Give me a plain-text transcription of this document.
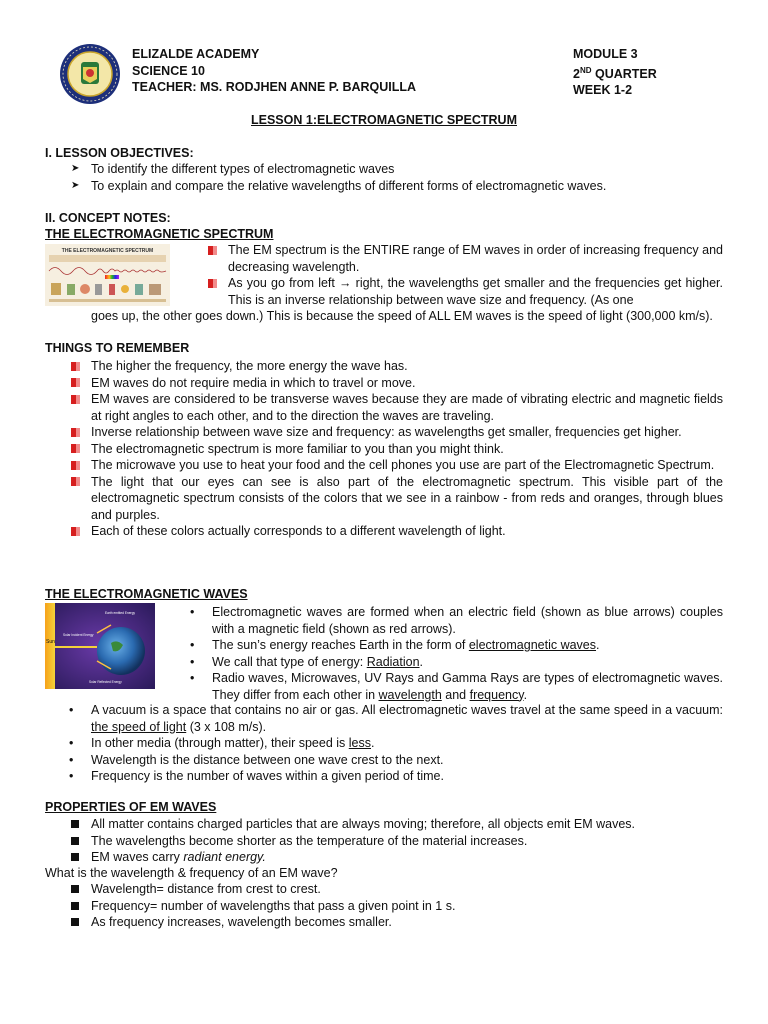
ELIZALDE ACADEMY
SCIENCE 10
TEACHER: MS. RODJHEN ANNE P. BARQUILLA
MODULE 3
2ND QUARTER
WEEK 1-2
LESSON 1:ELECTROMAGNETIC SPECTRUM
I. LESSON OBJECTIVES:
➤ To identify the different types of electromagnetic waves
➤ To explain and compare the relative wavelengths of different forms of electromagnetic waves.
II. CONCEPT NOTES:
THE ELECTROMAGNETIC SPECTRUM
THE ELECTROMAGNETIC SPECTRUM	The EM spectrum is the ENTIRE range of EM waves in order of increasing frequency and decreasing wavelength.
As you go from left → right, the wavelengths get smaller and the frequencies get higher. This is an inverse relationship between wave size and frequency. (As one
goes up, the other goes down.) This is because the speed of ALL EM waves is the speed of light (300,000 km/s).
THINGS TO REMEMBER
The higher the frequency, the more energy the wave has.
EM waves do not require media in which to travel or move.
EM waves are considered to be transverse waves because they are made of vibrating electric and magnetic fields at right angles to each other, and to the direction the waves are traveling.
Inverse relationship between wave size and frequency: as wavelengths get smaller, frequencies get higher.
The electromagnetic spectrum is more familiar to you than you might think.
The microwave you use to heat your food and the cell phones you use are part of the Electromagnetic Spectrum.
The light that our eyes can see is also part of the electromagnetic spectrum. This visible part of the electromagnetic spectrum consists of the colors that we see in a rainbow - from reds and oranges, through blues and purples.
Each of these colors actually corresponds to a different wavelength of light.
THE ELECTROMAGNETIC WAVES
Sun
Earth emitted Energy
Solar Incident Energy
Solar Reflected Energy
• Electromagnetic waves are formed when an electric field (shown as blue arrows) couples with a magnetic field (shown as red arrows).
• The sun’s energy reaches Earth in the form of electromagnetic waves.
• We call that type of energy: Radiation.
• Radio waves, Microwaves, UV Rays and Gamma Rays are types of electromagnetic waves. They differ from each other in wavelength and frequency.
• A vacuum is a space that contains no air or gas. All electromagnetic waves travel at the same speed in a vacuum: the speed of light (3 x 108 m/s).
• In other media (through matter), their speed is less.
• Wavelength is the distance between one wave crest to the next.
• Frequency is the number of waves within a given period of time.
PROPERTIES OF EM WAVES
All matter contains charged particles that are always moving; therefore, all objects emit EM waves.
The wavelengths become shorter as the temperature of the material increases.
EM waves carry radiant energy.
What is the wavelength & frequency of an EM wave?
Wavelength= distance from crest to crest.
Frequency= number of wavelengths that pass a given point in 1 s.
As frequency increases, wavelength becomes smaller.
